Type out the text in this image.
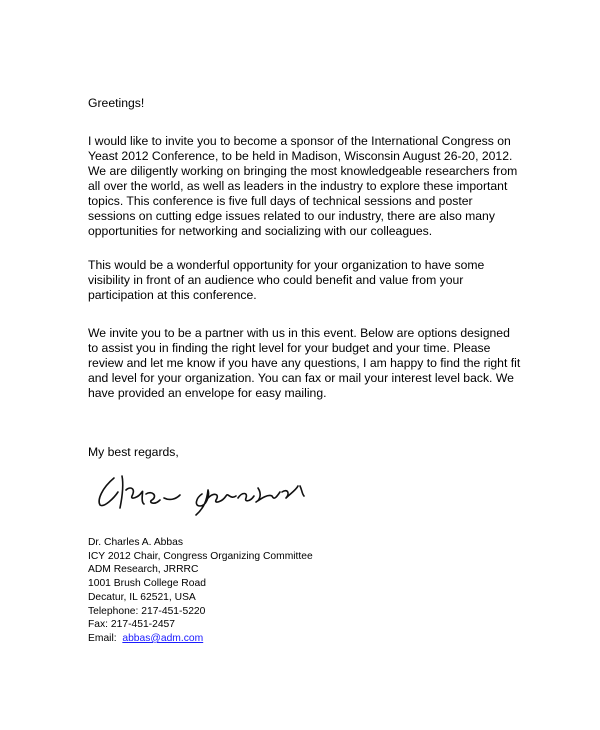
Greetings!
I would like to invite you to become a sponsor of the International Congress on
Yeast 2012 Conference, to be held in Madison, Wisconsin August 26-20, 2012.
We are diligently working on bringing the most knowledgeable researchers from
all over the world, as well as leaders in the industry to explore these important
topics. This conference is five full days of technical sessions and poster
sessions on cutting edge issues related to our industry, there are also many
opportunities for networking and socializing with our colleagues.
This would be a wonderful opportunity for your organization to have some
visibility in front of an audience who could benefit and value from your
participation at this conference.
We invite you to be a partner with us in this event. Below are options designed
to assist you in finding the right level for your budget and your time. Please
review and let me know if you have any questions, I am happy to find the right fit
and level for your organization. You can fax or mail your interest level back. We
have provided an envelope for easy mailing.
My best regards,
Dr. Charles A. Abbas
ICY 2012 Chair, Congress Organizing Committee
ADM Research, JRRRC
1001 Brush College Road
Decatur, IL 62521, USA
Telephone: 217-451-5220
Fax: 217-451-2457
Email: abbas@adm.com
